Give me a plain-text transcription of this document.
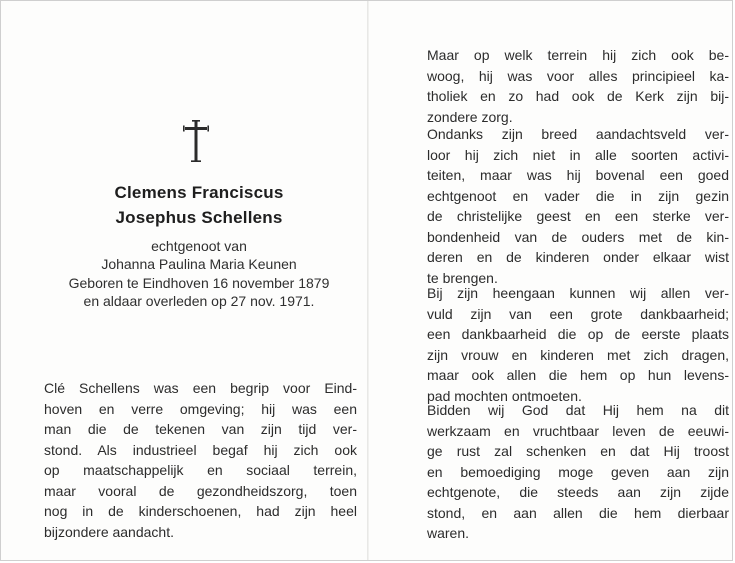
Clemens Franciscus
Josephus Schellens
echtgenoot van
Johanna Paulina Maria Keunen
Geboren te Eindhoven 16 november 1879
en aldaar overleden op 27 nov. 1971.

Clé Schellens was een begrip voor Eind-
hoven en verre omgeving; hij was een
man die de tekenen van zijn tijd ver-
stond. Als industrieel begaf hij zich ook
op maatschappelijk en sociaal terrein,
maar vooral de gezondheidszorg, toen
nog in de kinderschoenen, had zijn heel
bijzondere aandacht.

Maar op welk terrein hij zich ook be-
woog, hij was voor alles principieel ka-
tholiek en zo had ook de Kerk zijn bij-
zondere zorg.

Ondanks zijn breed aandachtsveld ver-
loor hij zich niet in alle soorten activi-
teiten, maar was hij bovenal een goed
echtgenoot en vader die in zijn gezin
de christelijke geest en een sterke ver-
bondenheid van de ouders met de kin-
deren en de kinderen onder elkaar wist
te brengen.

Bij zijn heengaan kunnen wij allen ver-
vuld zijn van een grote dankbaarheid;
een dankbaarheid die op de eerste plaats
zijn vrouw en kinderen met zich dragen,
maar ook allen die hem op hun levens-
pad mochten ontmoeten.

Bidden wij God dat Hij hem na dit
werkzaam en vruchtbaar leven de eeuwi-
ge rust zal schenken en dat Hij troost
en bemoediging moge geven aan zijn
echtgenote, die steeds aan zijn zijde
stond, en aan allen die hem dierbaar
waren.
